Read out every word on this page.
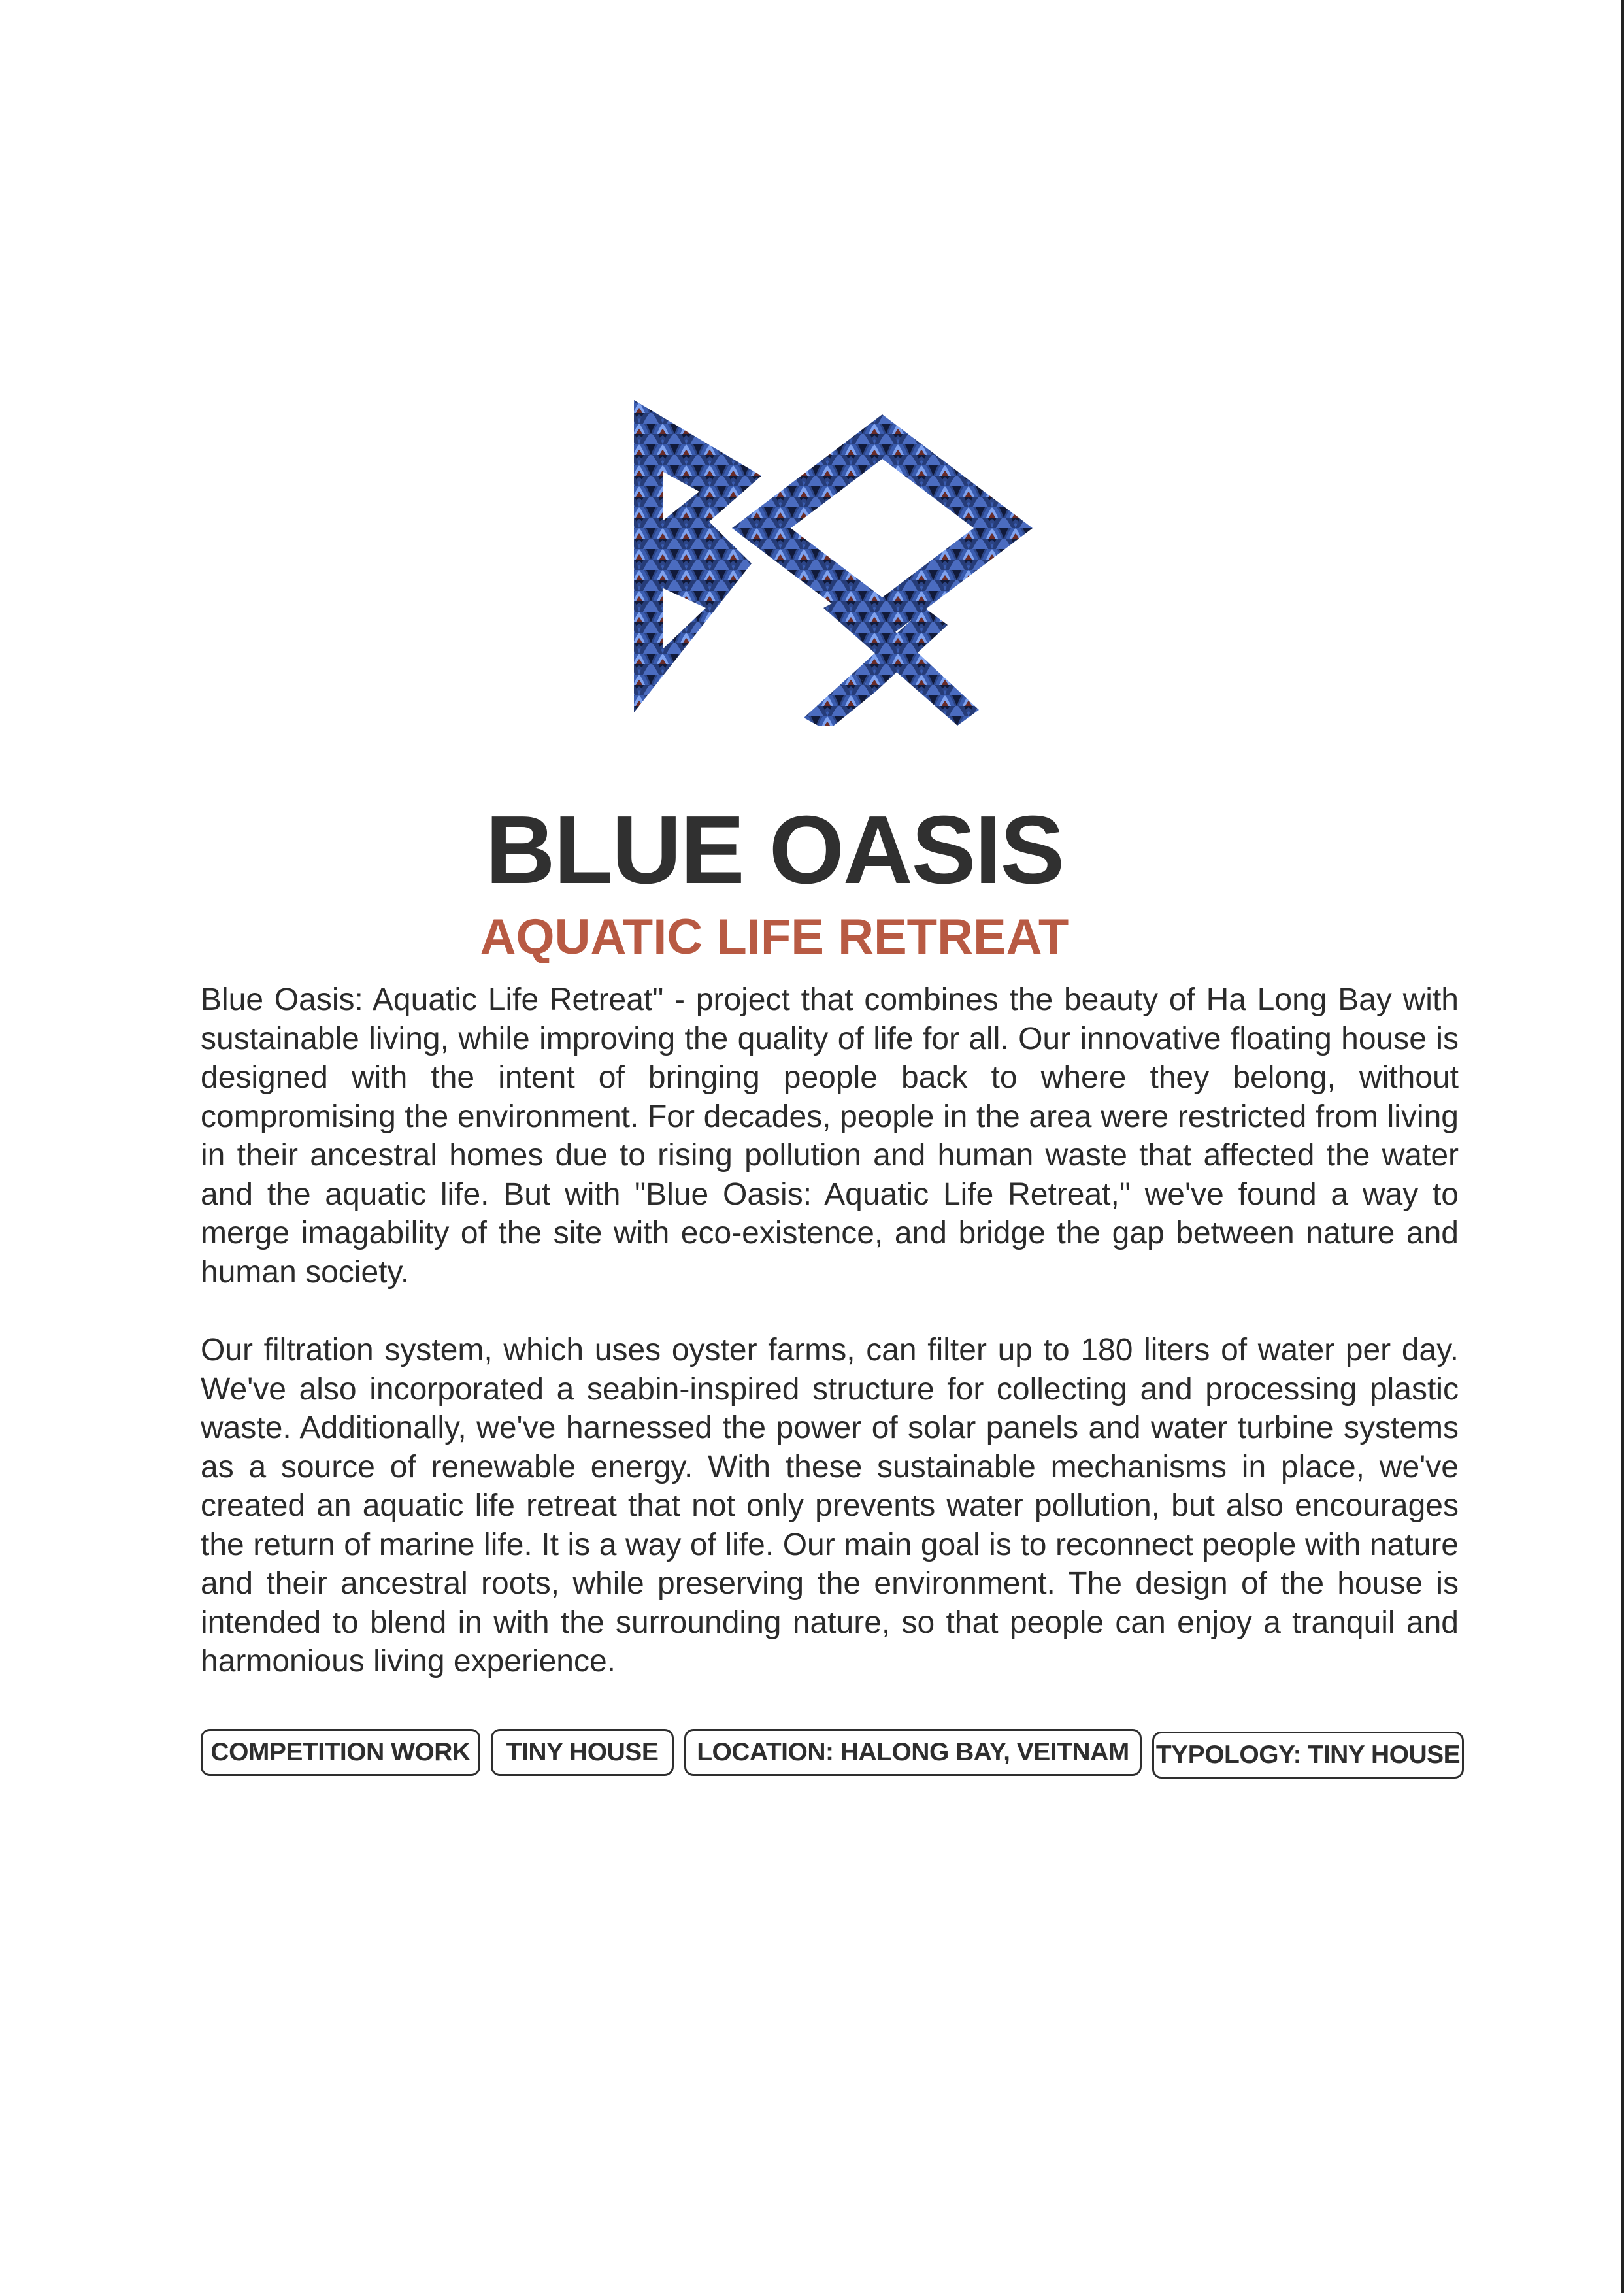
BLUE OASIS
AQUATIC LIFE RETREAT

Blue Oasis: Aquatic Life Retreat" - project that combines the beauty of Ha Long Bay with sustainable living, while improving the quality of life for all. Our innovative floating house is designed with the intent of bringing people back to where they belong, without compromising the environment. For decades, people in the area were restricted from living in their ancestral homes due to rising pollution and human waste that affected the water and the aquatic life. But with "Blue Oasis: Aquatic Life Retreat," we've found a way to merge imagability of the site with eco-existence, and bridge the gap between nature and human society.

Our filtration system, which uses oyster farms, can filter up to 180 liters of water per day. We've also incorporated a seabin-inspired structure for collecting and processing plastic waste. Additionally, we've harnessed the power of solar panels and water turbine systems as a source of renewable energy. With these sustainable mechanisms in place, we've created an aquatic life retreat that not only prevents water pollution, but also encourages the return of marine life. It is a way of life. Our main goal is to reconnect people with nature and their ancestral roots, while preserving the environment. The design of the house is intended to blend in with the surrounding nature, so that people can enjoy a tranquil and harmonious living experience.

COMPETITION WORK	TINY HOUSE	LOCATION: HALONG BAY, VEITNAM	TYPOLOGY: TINY HOUSE
